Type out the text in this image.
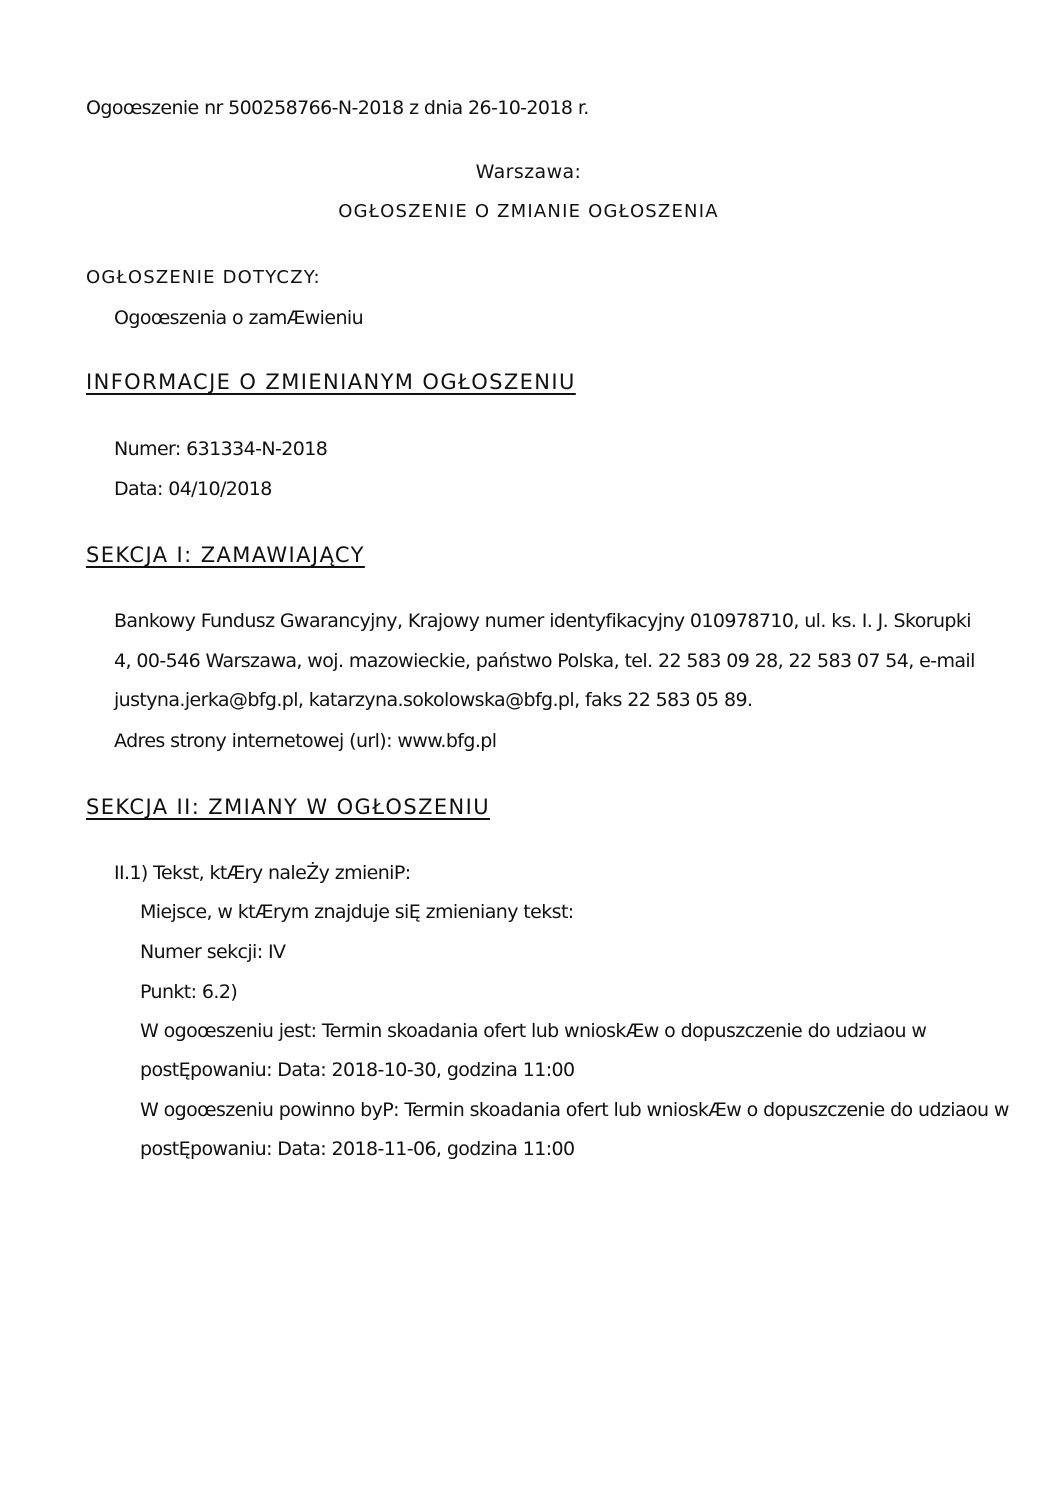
Ogoœszenie nr 500258766-N-2018 z dnia 26-10-2018 r.
Warszawa:
OGŁOSZENIE O ZMIANIE OGŁOSZENIA
OGŁOSZENIE DOTYCZY:
Ogoœszenia o zamÆwieniu
INFORMACJE O ZMIENIANYM OGŁOSZENIU
Numer: 631334-N-2018
Data: 04/10/2018
SEKCJA I: ZAMAWIAJĄCY
Bankowy Fundusz Gwarancyjny, Krajowy numer identyfikacyjny 010978710, ul. ks. I. J. Skorupki
4, 00-546 Warszawa, woj. mazowieckie, państwo Polska, tel. 22 583 09 28, 22 583 07 54, e-mail
justyna.jerka@bfg.pl, katarzyna.sokolowska@bfg.pl, faks 22 583 05 89.
Adres strony internetowej (url): www.bfg.pl
SEKCJA II: ZMIANY W OGŁOSZENIU
II.1) Tekst, ktÆry naleŻy zmieniP:
Miejsce, w ktÆrym znajduje siĘ zmieniany tekst:
Numer sekcji: IV
Punkt: 6.2)
W ogoœszeniu jest: Termin skoadania ofert lub wnioskÆw o dopuszczenie do udziaou w
postĘpowaniu: Data: 2018-10-30, godzina 11:00
W ogoœszeniu powinno byP: Termin skoadania ofert lub wnioskÆw o dopuszczenie do udziaou w
postĘpowaniu: Data: 2018-11-06, godzina 11:00
